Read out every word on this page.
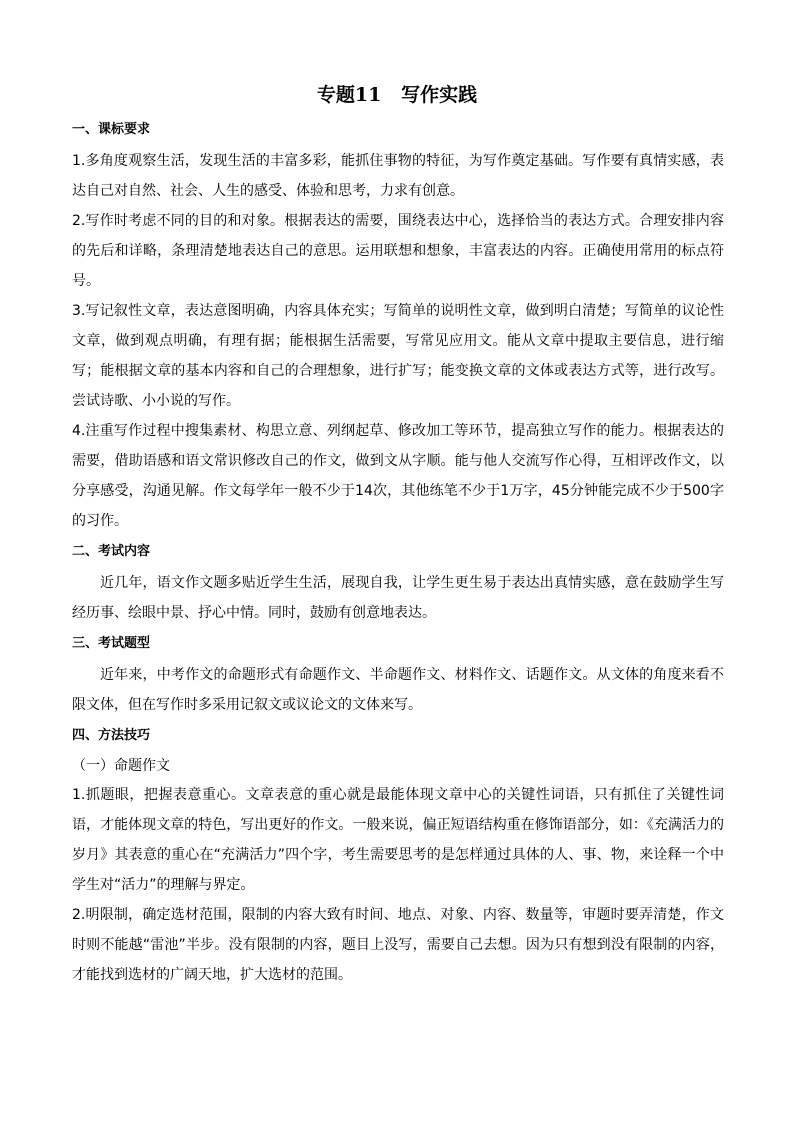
专题11   写作实践
一、课标要求

1.多角度观察生活，发现生活的丰富多彩，能抓住事物的特征，为写作奠定基础。写作要有真情实感，表达自己对自然、社会、人生的感受、体验和思考，力求有创意。

2.写作时考虑不同的目的和对象。根据表达的需要，围绕表达中心，选择恰当的表达方式。合理安排内容的先后和详略，条理清楚地表达自己的意思。运用联想和想象，丰富表达的内容。正确使用常用的标点符号。

3.写记叙性文章，表达意图明确，内容具体充实；写简单的说明性文章，做到明白清楚；写简单的议论性文章，做到观点明确，有理有据；能根据生活需要，写常见应用文。能从文章中提取主要信息，进行缩写；能根据文章的基本内容和自己的合理想象，进行扩写；能变换文章的文体或表达方式等，进行改写。尝试诗歌、小小说的写作。

4.注重写作过程中搜集素材、构思立意、列纲起草、修改加工等环节，提高独立写作的能力。根据表达的需要，借助语感和语文常识修改自己的作文，做到文从字顺。能与他人交流写作心得，互相评改作文，以分享感受，沟通见解。作文每学年一般不少于14次，其他练笔不少于1万字，45分钟能完成不少于500字的习作。

二、考试内容

近几年，语文作文题多贴近学生生活，展现自我，让学生更生易于表达出真情实感，意在鼓励学生写经历事、绘眼中景、抒心中情。同时，鼓励有创意地表达。

三、考试题型

近年来，中考作文的命题形式有命题作文、半命题作文、材料作文、话题作文。从文体的角度来看不限文体，但在写作时多采用记叙文或议论文的文体来写。

四、方法技巧
（一）命题作文

1.抓题眼，把握表意重心。文章表意的重心就是最能体现文章中心的关键性词语，只有抓住了关键性词语，才能体现文章的特色，写出更好的作文。一般来说，偏正短语结构重在修饰语部分，如：《充满活力的岁月》其表意的重心在“充满活力”四个字，考生需要思考的是怎样通过具体的人、事、物，来诠释一个中学生对“活力”的理解与界定。

2.明限制，确定选材范围，限制的内容大致有时间、地点、对象、内容、数量等，审题时要弄清楚，作文时则不能越“雷池”半步。没有限制的内容，题目上没写，需要自己去想。因为只有想到没有限制的内容，才能找到选材的广阔天地，扩大选材的范围。
